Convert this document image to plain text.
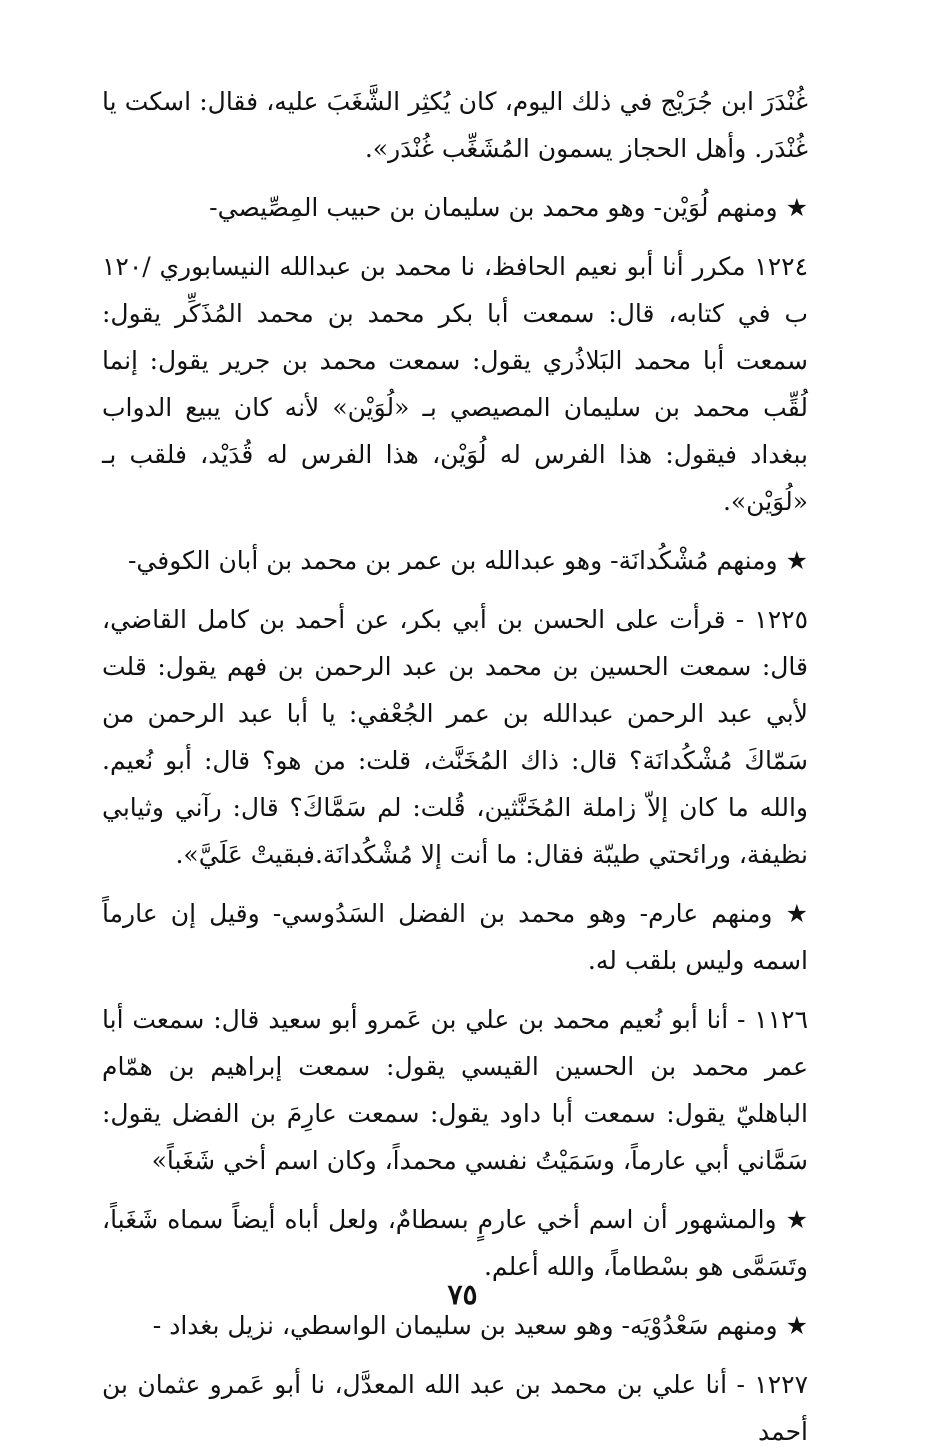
غُنْدَرَ ابن جُرَيْج في ذلك اليوم، كان يُكثِر الشَّغَبَ عليه، فقال: اسكت يا غُنْدَر. وأهل الحجاز يسمون المُشَغِّب غُنْدَر».

★ ومنهم لُوَيْن- وهو محمد بن سليمان بن حبيب المِصِّيصي-

١٢٢٤ مكرر أنا أبو نعيم الحافظ، نا محمد بن عبدالله النيسابوري /١٢٠ ب في كتابه، قال: سمعت أبا بكر محمد بن محمد المُذَكِّر يقول: سمعت أبا محمد البَلاذُري يقول: سمعت محمد بن جرير يقول: إنما لُقِّب محمد بن سليمان المصيصي بـ «لُوَيْن» لأنه كان يبيع الدواب ببغداد فيقول: هذا الفرس له لُوَيْن، هذا الفرس له قُدَيْد، فلقب بـ «لُوَيْن».

★ ومنهم مُشْكُدانَة- وهو عبدالله بن عمر بن محمد بن أبان الكوفي-

١٢٢٥ - قرأت على الحسن بن أبي بكر، عن أحمد بن كامل القاضي، قال: سمعت الحسين بن محمد بن عبد الرحمن بن فهم يقول: قلت لأبي عبد الرحمن عبدالله بن عمر الجُعْفي: يا أبا عبد الرحمن من سَمّاكَ مُشْكُدانَة؟ قال: ذاك المُخَنَّث، قلت: من هو؟ قال: أبو نُعيم. والله ما كان إلاّ زاملة المُخَنَّثين، قُلت: لم سَمَّاكَ؟ قال: رآني وثيابي نظيفة، ورائحتي طيبّة فقال: ما أنت إلا مُشْكُدانَة.فبقيتْ عَلَيَّ».

★ ومنهم عارم- وهو محمد بن الفضل السَدُوسي- وقيل إن عارماً اسمه وليس بلقب له.

١١٢٦ - أنا أبو نُعيم محمد بن علي بن عَمرو أبو سعيد قال: سمعت أبا عمر محمد بن الحسين القيسي يقول: سمعت إبراهيم بن همّام الباهليّ يقول: سمعت أبا داود يقول: سمعت عارِمَ بن الفضل يقول: سَمَّاني أبي عارماً، وسَمَيْتُ نفسي محمداً، وكان اسم أخي شَغَباً»

★ والمشهور أن اسم أخي عارمٍ بسطامٌ، ولعل أباه أيضاً سماه شَغَباً، وتَسَمَّى هو بسْطاماً، والله أعلم.

★ ومنهم سَعْدُوْيَه- وهو سعيد بن سليمان الواسطي، نزيل بغداد -

١٢٢٧ - أنا علي بن محمد بن عبد الله المعدَّل، نا أبو عَمرو عثمان بن أحمد

٧٥
